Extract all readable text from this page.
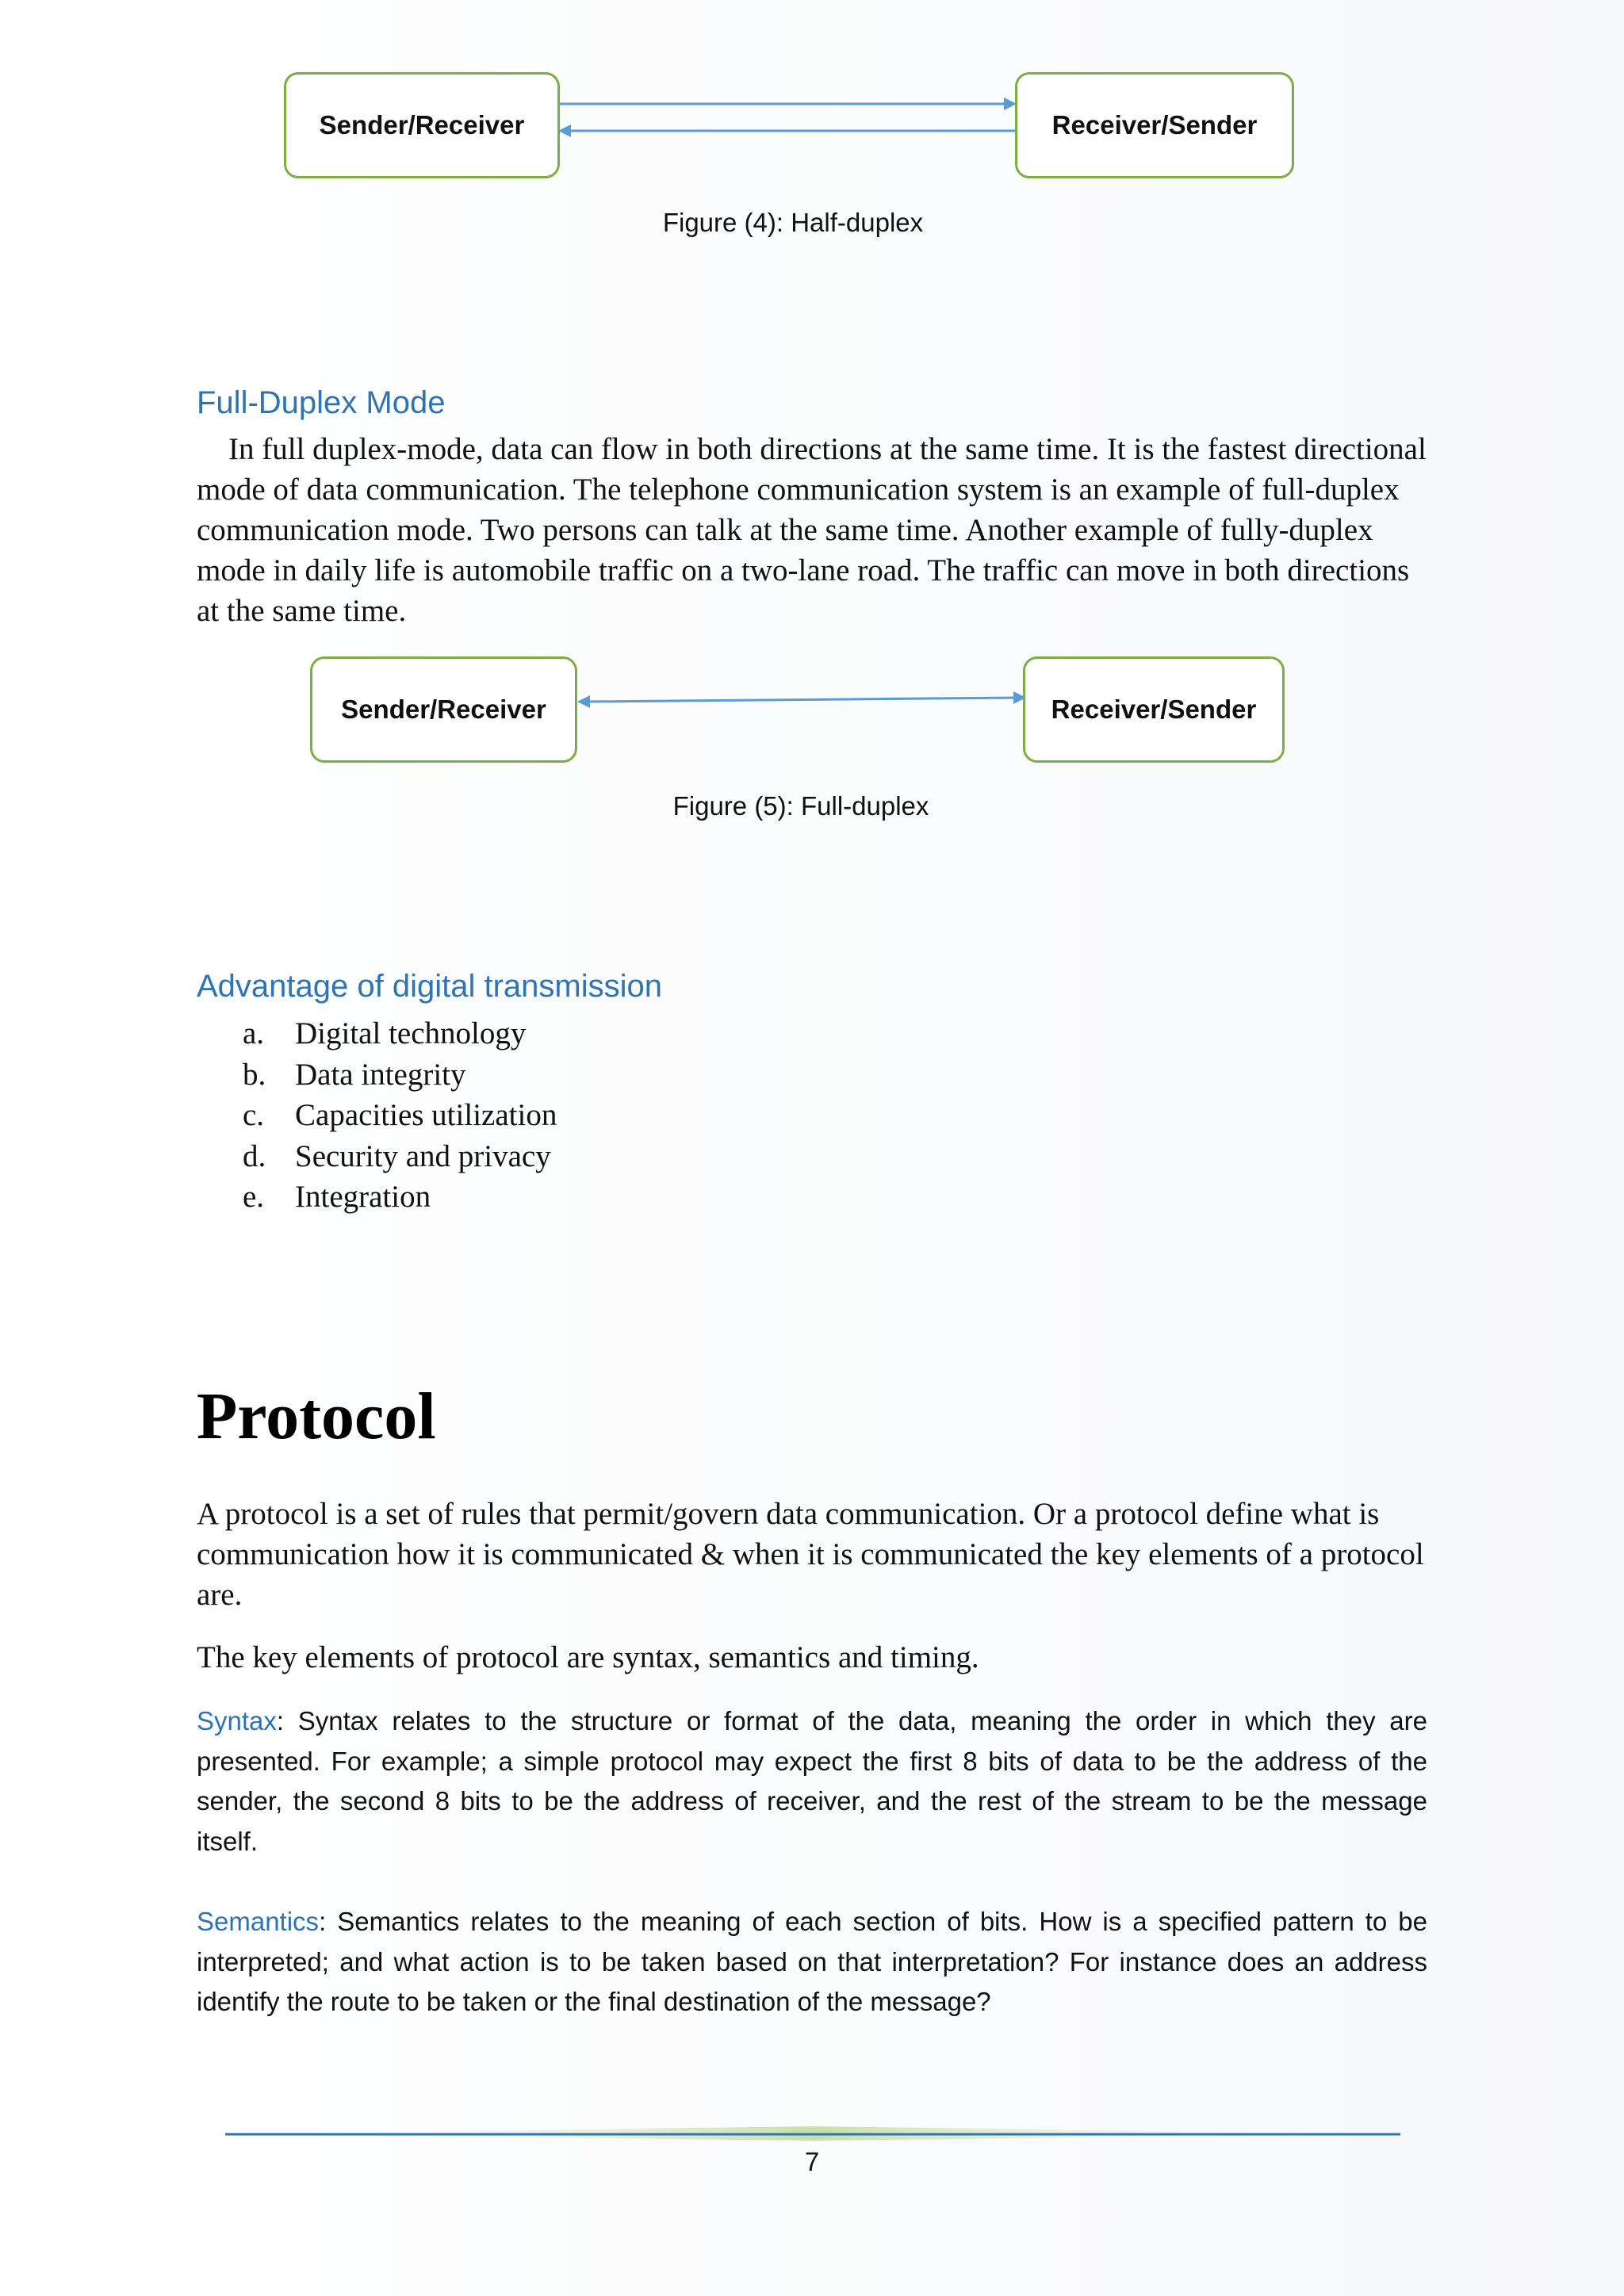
Sender/Receiver	Receiver/Sender
Figure (4): Half-duplex
Full-Duplex Mode

In full duplex-mode, data can flow in both directions at the same time. It is the fastest directional mode of data communication. The telephone communication system is an example of full-duplex communication mode. Two persons can talk at the same time. Another example of fully-duplex mode in daily life is automobile traffic on a two-lane road. The traffic can move in both directions at the same time.

Sender/Receiver	Receiver/Sender
Figure (5): Full-duplex
Advantage of digital transmission
a. Digital technology
b. Data integrity
c. Capacities utilization
d. Security and privacy
e. Integration
Protocol

A protocol is a set of rules that permit/govern data communication. Or a protocol define what is communication how it is communicated & when it is communicated the key elements of a protocol are.

The key elements of protocol are syntax, semantics and timing.

Syntax: Syntax relates to the structure or format of the data, meaning the order in which they are presented. For example; a simple protocol may expect the first 8 bits of data to be the address of the sender, the second 8 bits to be the address of receiver, and the rest of the stream to be the message itself.
Semantics: Semantics relates to the meaning of each section of bits. How is a specified pattern to be interpreted; and what action is to be taken based on that interpretation? For instance does an address identify the route to be taken or the final destination of the message?
7
